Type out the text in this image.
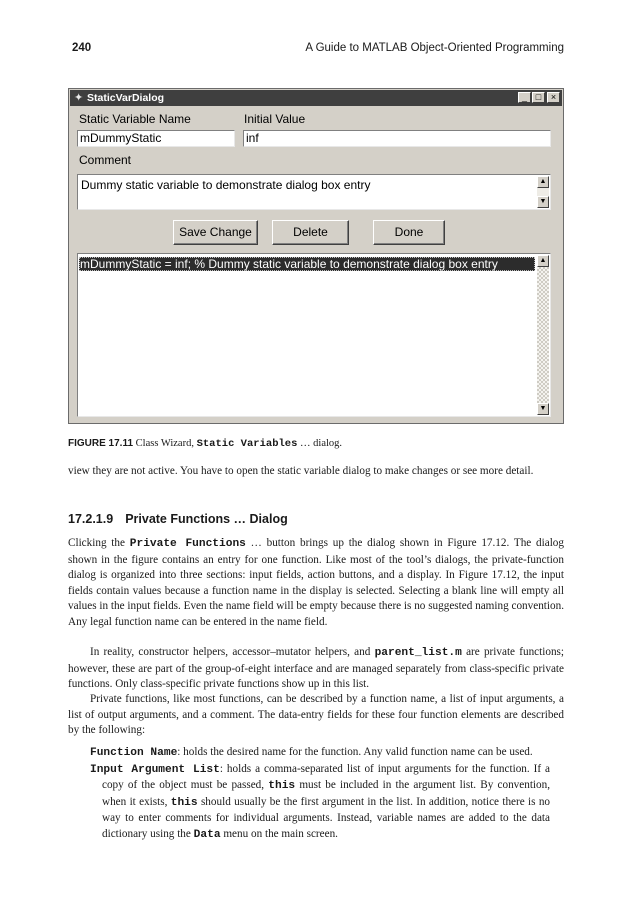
240	A Guide to MATLAB Object-Oriented Programming
✦ StaticVarDialog	_ □	×
Static Variable Name	Initial Value
mDummyStatic	inf
Comment
Dummy static variable to demonstrate dialog box entry	▲
▼
Save Change	Delete	Done
mDummyStatic = inf; % Dummy static variable to demonstrate dialog box entry	▲
▼
FIGURE 17.11 Class Wizard, Static Variables … dialog.
view they are not active. You have to open the static variable dialog to make changes or see more detail.
17.2.1.9 Private Functions … Dialog
Clicking the Private Functions … button brings up the dialog shown in Figure 17.12. The dialog shown in the figure contains an entry for one function. Like most of the tool’s dialogs, the private-function dialog is organized into three sections: input fields, action buttons, and a display. In Figure 17.12, the input fields contain values because a function name in the display is selected. Selecting a blank line will empty all values in the input fields. Even the name field will be empty because there is no suggested naming convention. Any legal function name can be entered in the name field.
In reality, constructor helpers, accessor–mutator helpers, and parent_list.m are private functions; however, these are part of the group-of-eight interface and are managed separately from class-specific private functions. Only class-specific private functions show up in this list.
Private functions, like most functions, can be described by a function name, a list of input arguments, a list of output arguments, and a comment. The data-entry fields for these four function elements are described by the following:
Function Name: holds the desired name for the function. Any valid function name can be used.
Input Argument List: holds a comma-separated list of input arguments for the function. If a copy of the object must be passed, this must be included in the argument list. By convention, when it exists, this should usually be the first argument in the list. In addition, notice there is no way to enter comments for individual arguments. Instead, variable names are added to the data dictionary using the Data menu on the main screen.
